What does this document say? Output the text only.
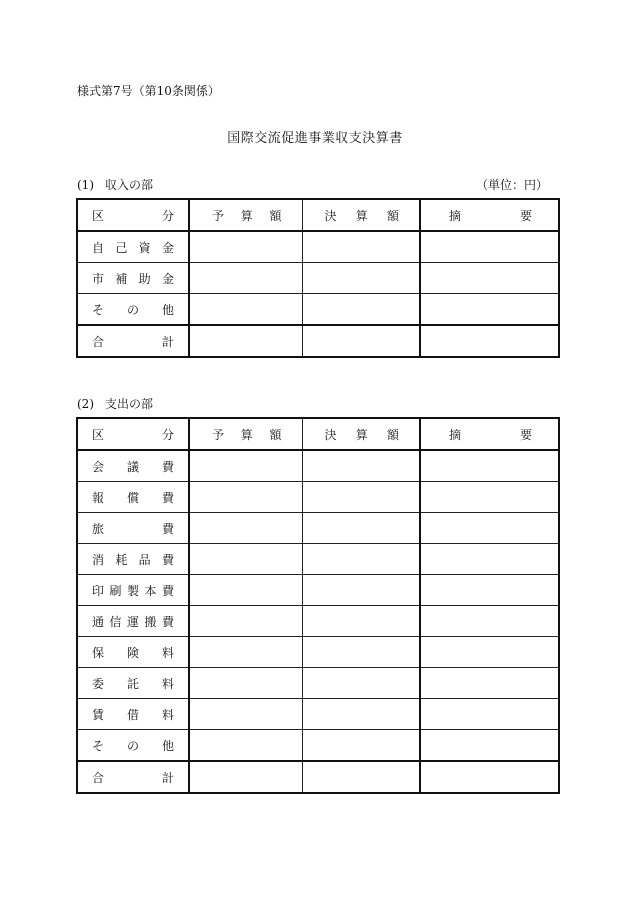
様式第7号（第10条関係）
国際交流促進事業収支決算書
(1) 収入の部	（単位：円）
区　　分	予　算　額	決　算　額	摘　　要

自 己 資 金			

市 補 助 金			

そ の 他			

合 計			

(2) 支出の部
区　　分	予　算　額	決　算　額	摘　　要

会 議 費			

報 償 費			

旅 費			

消 耗 品 費			

印 刷 製 本 費			

通 信 運 搬 費			

保 険 料			

委 託 料			

賃 借 料			

そ の 他			

合 計			
